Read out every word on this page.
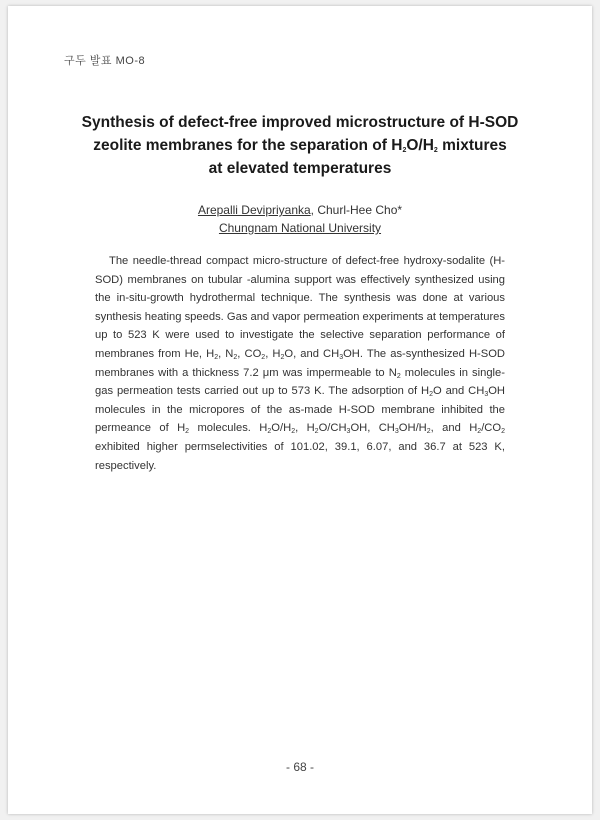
구두 발표 MO-8
Synthesis of defect-free improved microstructure of H-SOD
zeolite membranes for the separation of $H_2O/H_2$ mixtures
at elevated temperatures
Arepalli Devipriyanka, Churl-Hee Cho*
Chungnam National University
The needle-thread compact micro-structure of defect-free hydroxy-sodalite (H-SOD) membranes on tubular -alumina support was effectively synthesized using the in-situ-growth hydrothermal technique. The synthesis was done at various synthesis heating speeds. Gas and vapor permeation experiments at temperatures up to 523 K were used to investigate the selective separation performance of membranes from He, $H_2$, $N_2$, $CO_2$, $H_2O$, and $CH_3OH$. The as-synthesized H-SOD membranes with a thickness 7.2 μm was impermeable to $N_2$ molecules in single-gas permeation tests carried out up to 573 K. The adsorption of $H_2O$ and $CH_3OH$ molecules in the micropores of the as-made H-SOD membrane inhibited the permeance of $H_2$ molecules. $H_2O/H_2$, $H_2O/CH_3OH$, $CH_3OH/H_2$, and $H_2/CO_2$ exhibited higher permselectivities of 101.02, 39.1, 6.07, and 36.7 at 523 K, respectively.
- 68 -
